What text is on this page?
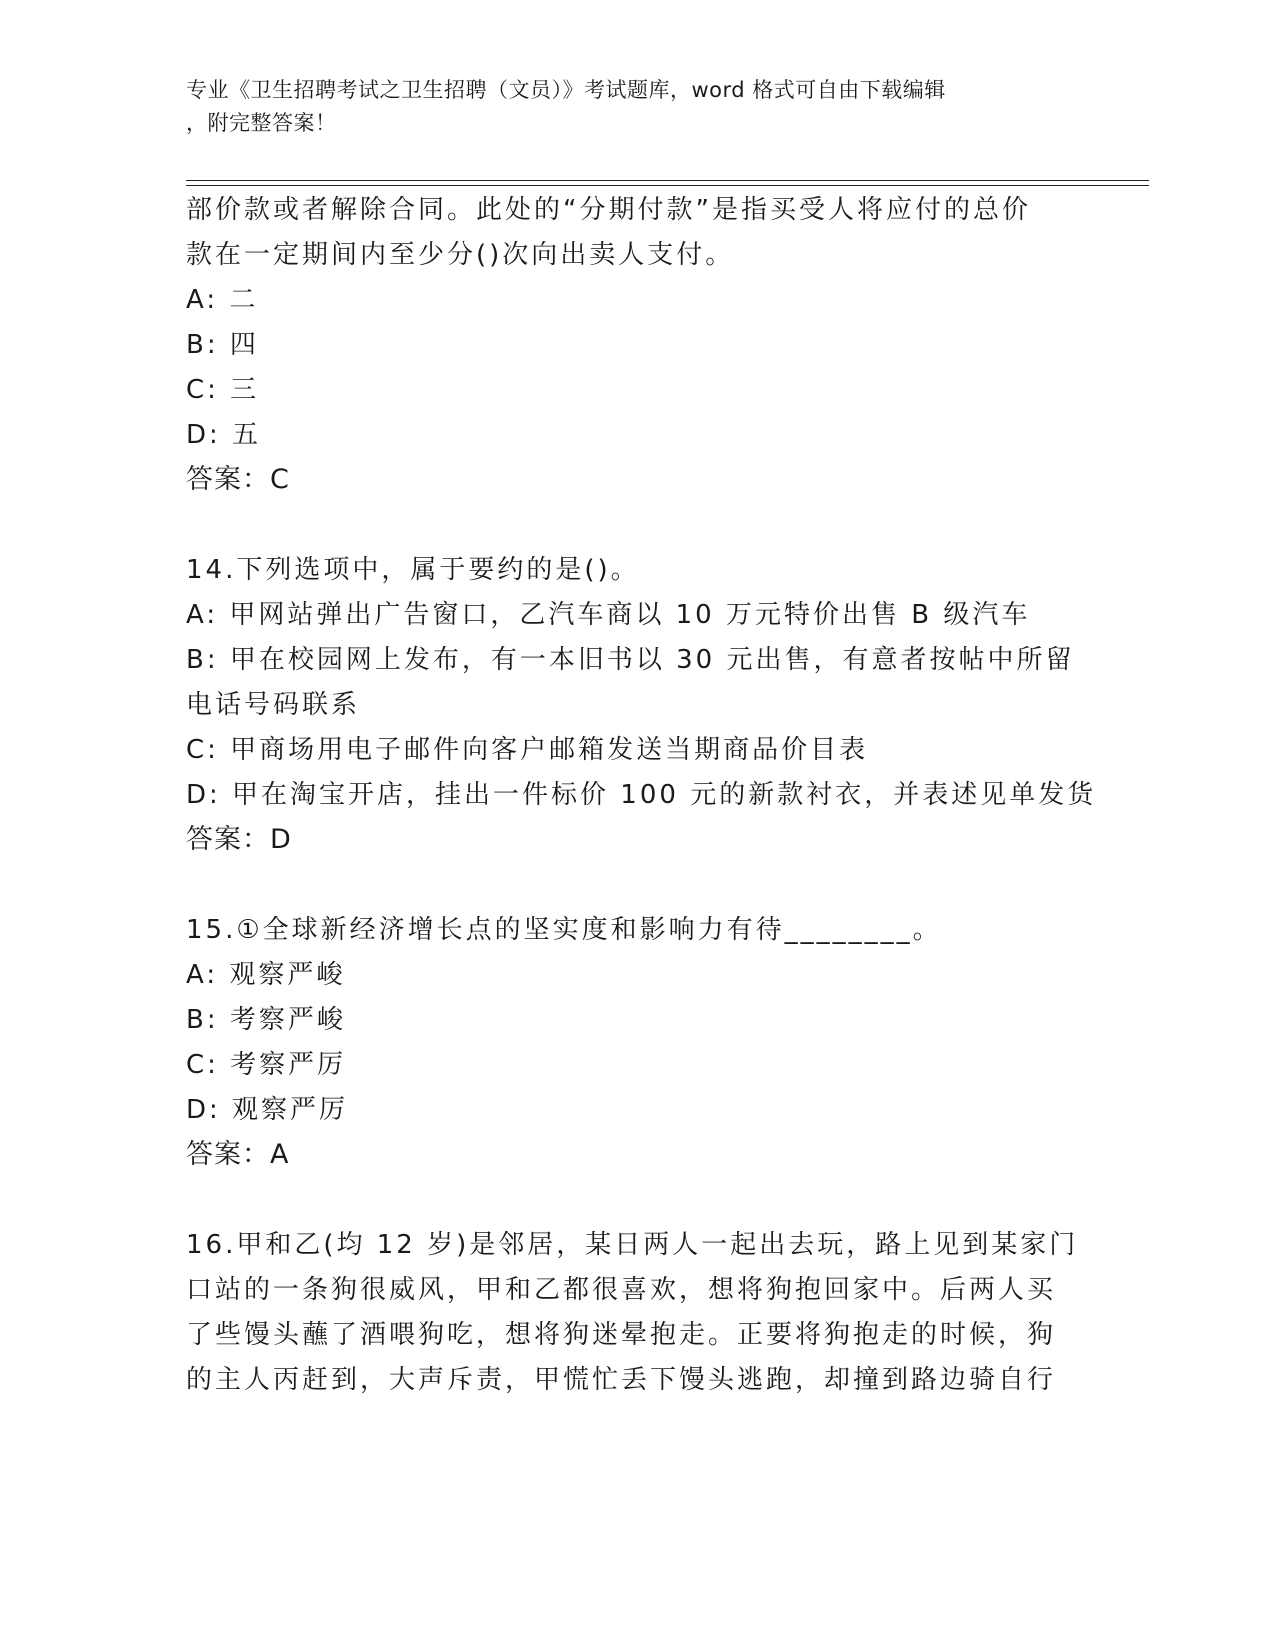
专业《卫生招聘考试之卫生招聘（文员）》考试题库，word 格式可自由下载编辑
，附完整答案！
部价款或者解除合同。此处的“分期付款”是指买受人将应付的总价
款在一定期间内至少分()次向出卖人支付。
A: 二
B: 四
C: 三
D: 五
答案：C
14.下列选项中，属于要约的是()。
A: 甲网站弹出广告窗口，乙汽车商以 10 万元特价出售 B 级汽车
B: 甲在校园网上发布，有一本旧书以 30 元出售，有意者按帖中所留
电话号码联系
C: 甲商场用电子邮件向客户邮箱发送当期商品价目表
D: 甲在淘宝开店，挂出一件标价 100 元的新款衬衣，并表述见单发货
答案：D
15.①全球新经济增长点的坚实度和影响力有待________。
A: 观察严峻
B: 考察严峻
C: 考察严厉
D: 观察严厉
答案：A
16.甲和乙(均 12 岁)是邻居，某日两人一起出去玩，路上见到某家门
口站的一条狗很威风，甲和乙都很喜欢，想将狗抱回家中。后两人买
了些馒头蘸了酒喂狗吃，想将狗迷晕抱走。正要将狗抱走的时候，狗
的主人丙赶到，大声斥责，甲慌忙丢下馒头逃跑，却撞到路边骑自行
